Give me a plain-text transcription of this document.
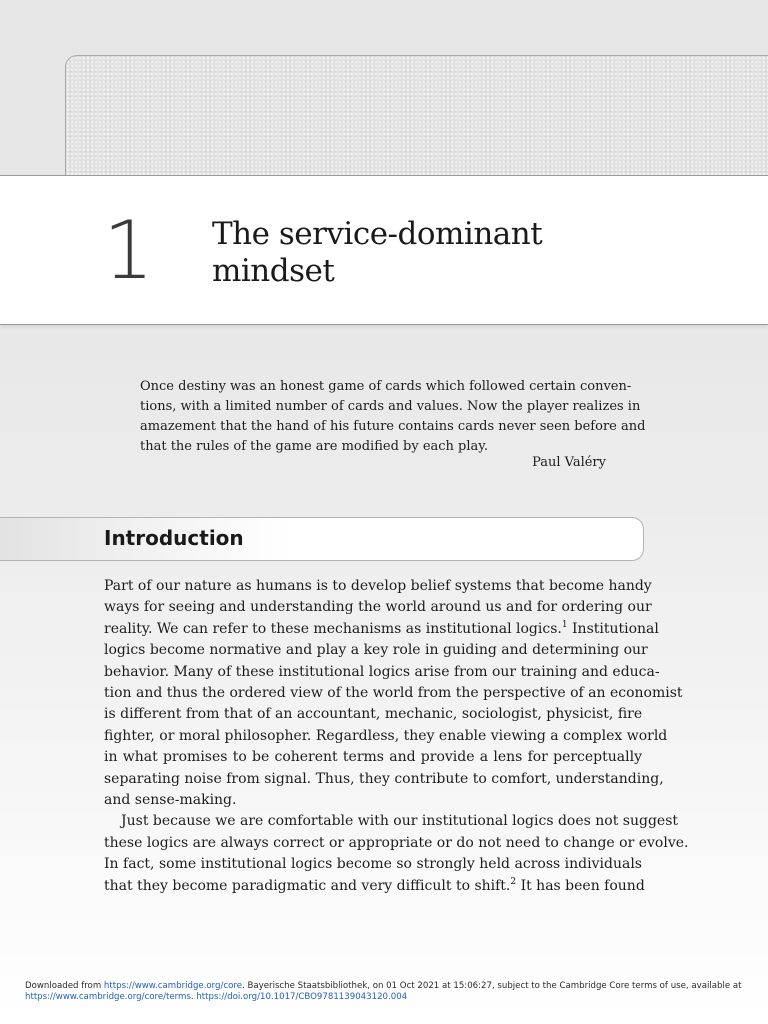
1 The service-dominant
mindset
Once destiny was an honest game of cards which followed certain conven-
tions, with a limited number of cards and values. Now the player realizes in
amazement that the hand of his future contains cards never seen before and
that the rules of the game are modified by each play.
Paul Valéry
Introduction
Part of our nature as humans is to develop belief systems that become handy
ways for seeing and understanding the world around us and for ordering our
reality. We can refer to these mechanisms as institutional logics.$^1$ Institutional
logics become normative and play a key role in guiding and determining our
behavior. Many of these institutional logics arise from our training and educa-
tion and thus the ordered view of the world from the perspective of an economist
is different from that of an accountant, mechanic, sociologist, physicist, fire
fighter, or moral philosopher. Regardless, they enable viewing a complex world
in what promises to be coherent terms and provide a lens for perceptually
separating noise from signal. Thus, they contribute to comfort, understanding,
and sense-making.
Just because we are comfortable with our institutional logics does not suggest
these logics are always correct or appropriate or do not need to change or evolve.
In fact, some institutional logics become so strongly held across individuals
that they become paradigmatic and very difficult to shift.$^2$ It has been found
Downloaded from https://www.cambridge.org/core. Bayerische Staatsbibliothek, on 01 Oct 2021 at 15:06:27, subject to the Cambridge Core terms of use, available at
https://www.cambridge.org/core/terms. https://doi.org/10.1017/CBO9781139043120.004
